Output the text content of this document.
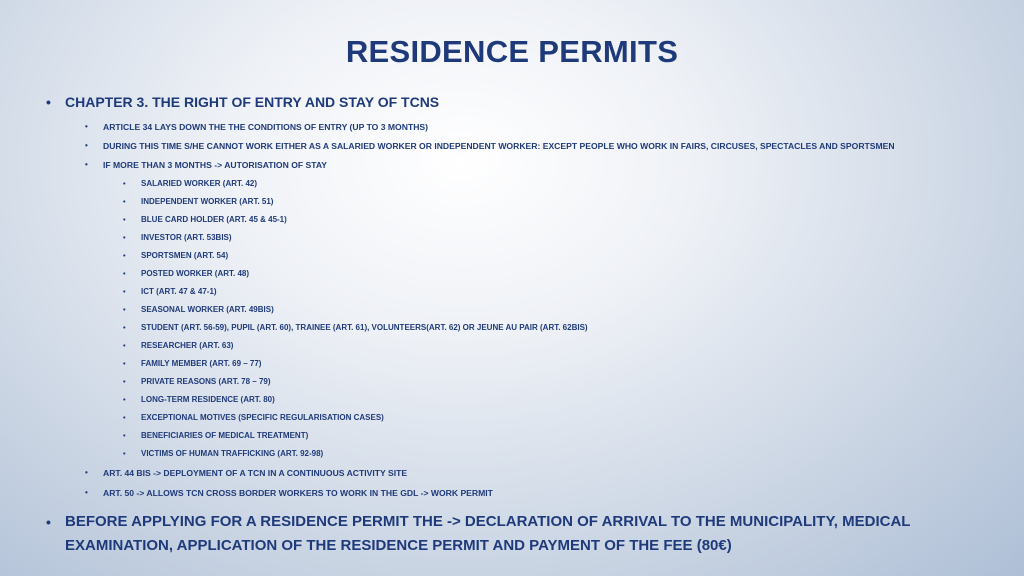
RESIDENCE PERMITS
• CHAPTER 3. THE RIGHT OF ENTRY AND STAY OF TCNS
• ARTICLE 34 LAYS DOWN THE THE CONDITIONS OF ENTRY (UP TO 3 MONTHS)
• DURING THIS TIME S/HE CANNOT WORK EITHER AS A SALARIED WORKER OR INDEPENDENT WORKER: EXCEPT PEOPLE WHO WORK IN FAIRS, CIRCUSES, SPECTACLES AND SPORTSMEN
• IF MORE THAN 3 MONTHS -> AUTORISATION OF STAY
• SALARIED WORKER (ART. 42)
• INDEPENDENT WORKER (ART. 51)
• BLUE CARD HOLDER (ART. 45 & 45-1)
• INVESTOR (ART. 53BIS)
• SPORTSMEN (ART. 54)
• POSTED WORKER (ART. 48)
• ICT (ART. 47 & 47-1)
• SEASONAL WORKER (ART. 49BIS)
• STUDENT (ART. 56-59), PUPIL (ART. 60), TRAINEE (ART. 61), VOLUNTEERS(ART. 62) OR JEUNE AU PAIR (ART. 62BIS)
• RESEARCHER (ART. 63)
• FAMILY MEMBER (ART. 69 – 77)
• PRIVATE REASONS (ART. 78 – 79)
• LONG-TERM RESIDENCE (ART. 80)
• EXCEPTIONAL MOTIVES (SPECIFIC REGULARISATION CASES)
• BENEFICIARIES OF MEDICAL TREATMENT)
• VICTIMS OF HUMAN TRAFFICKING (ART. 92-98)
• ART. 44 BIS -> DEPLOYMENT OF A TCN IN A CONTINUOUS ACTIVITY SITE
• ART. 50 -> ALLOWS TCN CROSS BORDER WORKERS TO WORK IN THE GDL -> WORK PERMIT
• BEFORE APPLYING FOR A RESIDENCE PERMIT THE -> DECLARATION OF ARRIVAL TO THE MUNICIPALITY, MEDICAL EXAMINATION, APPLICATION OF THE RESIDENCE PERMIT AND PAYMENT OF THE FEE (80€)
